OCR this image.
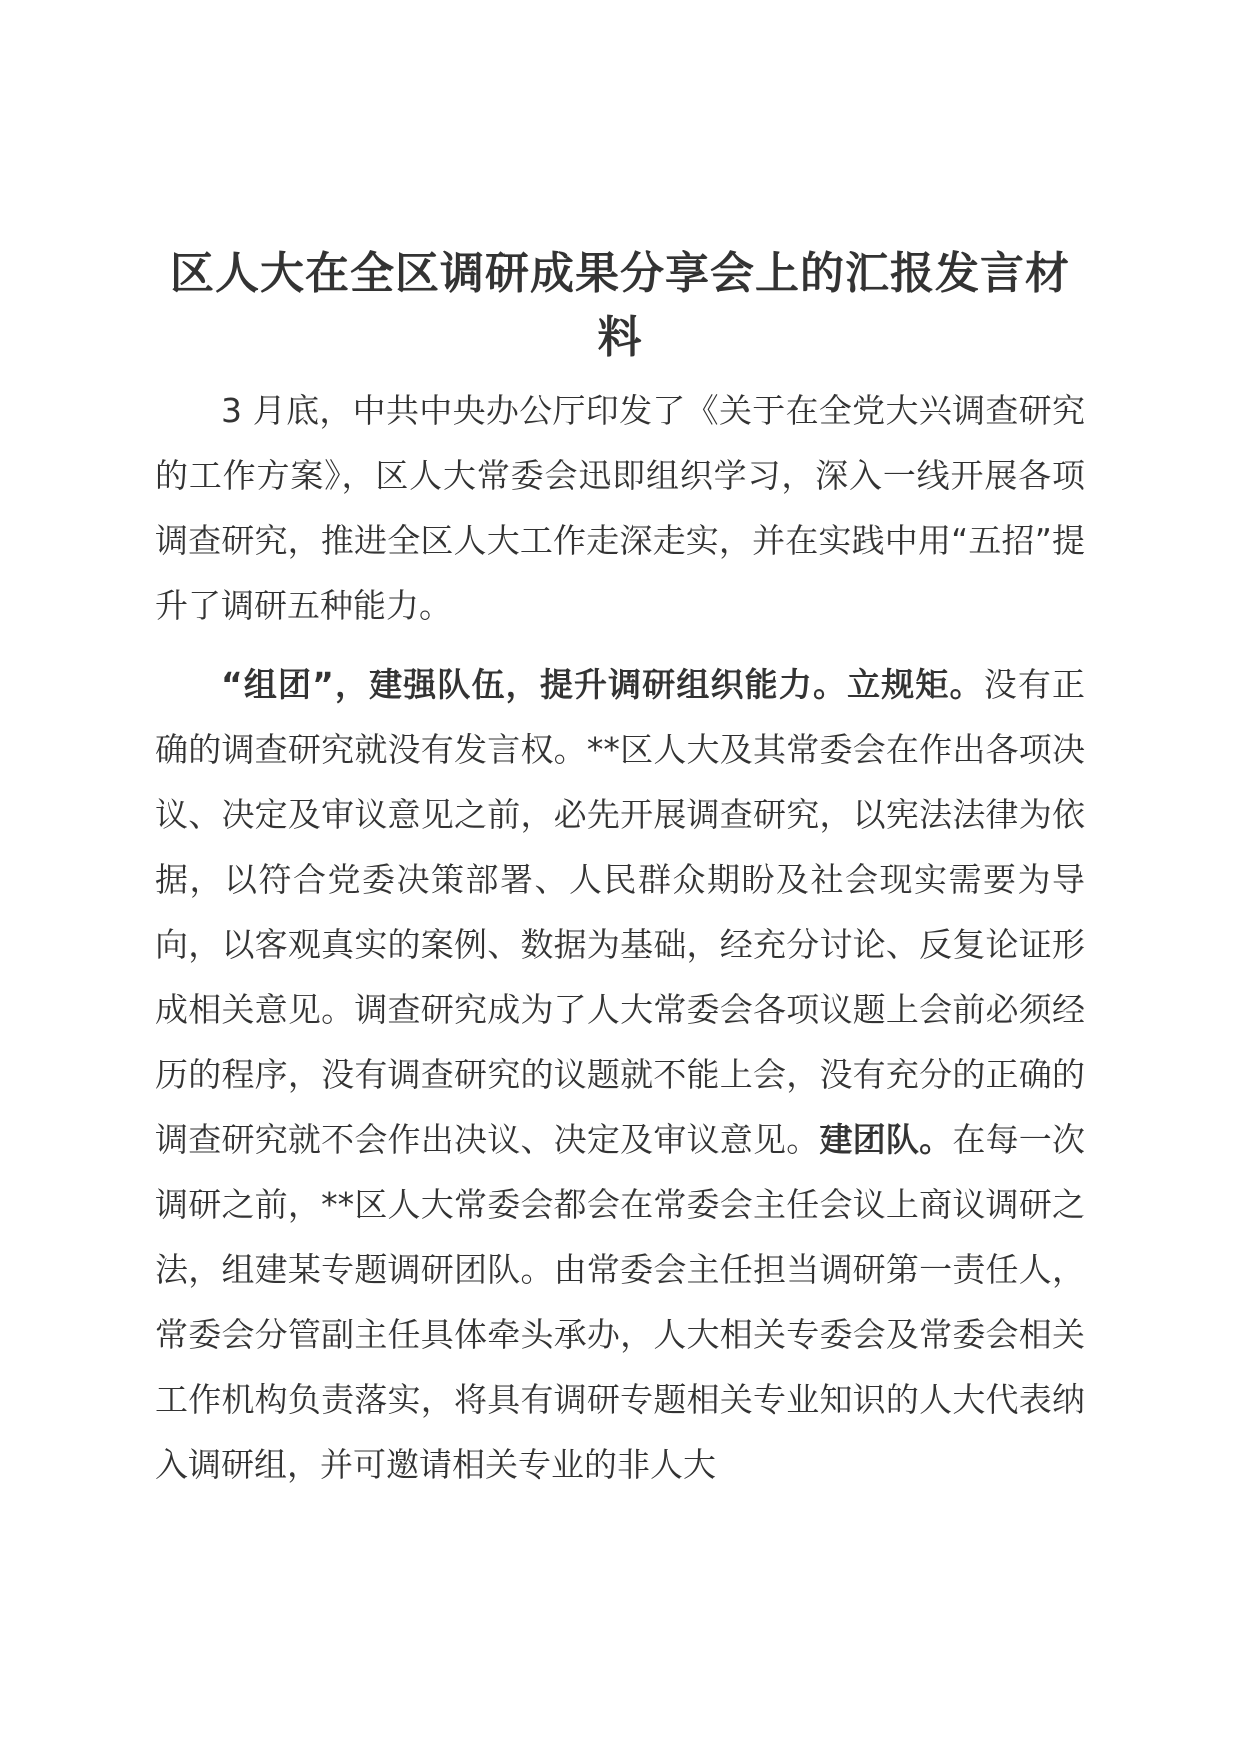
区人大在全区调研成果分享会上的汇报发言材料

3 月底，中共中央办公厅印发了《关于在全党大兴调查研究的工作方案》，区人大常委会迅即组织学习，深入一线开展各项调查研究，推进全区人大工作走深走实，并在实践中用“五招”提升了调研五种能力。

“组团”，建强队伍，提升调研组织能力。立规矩。没有正确的调查研究就没有发言权。**区人大及其常委会在作出各项决议、决定及审议意见之前，必先开展调查研究，以宪法法律为依据，以符合党委决策部署、人民群众期盼及社会现实需要为导向，以客观真实的案例、数据为基础，经充分讨论、反复论证形成相关意见。调查研究成为了人大常委会各项议题上会前必须经历的程序，没有调查研究的议题就不能上会，没有充分的正确的调查研究就不会作出决议、决定及审议意见。建团队。在每一次调研之前，**区人大常委会都会在常委会主任会议上商议调研之法，组建某专题调研团队。由常委会主任担当调研第一责任人，常委会分管副主任具体牵头承办，人大相关专委会及常委会相关工作机构负责落实，将具有调研专题相关专业知识的人大代表纳入调研组，并可邀请相关专业的非人大
